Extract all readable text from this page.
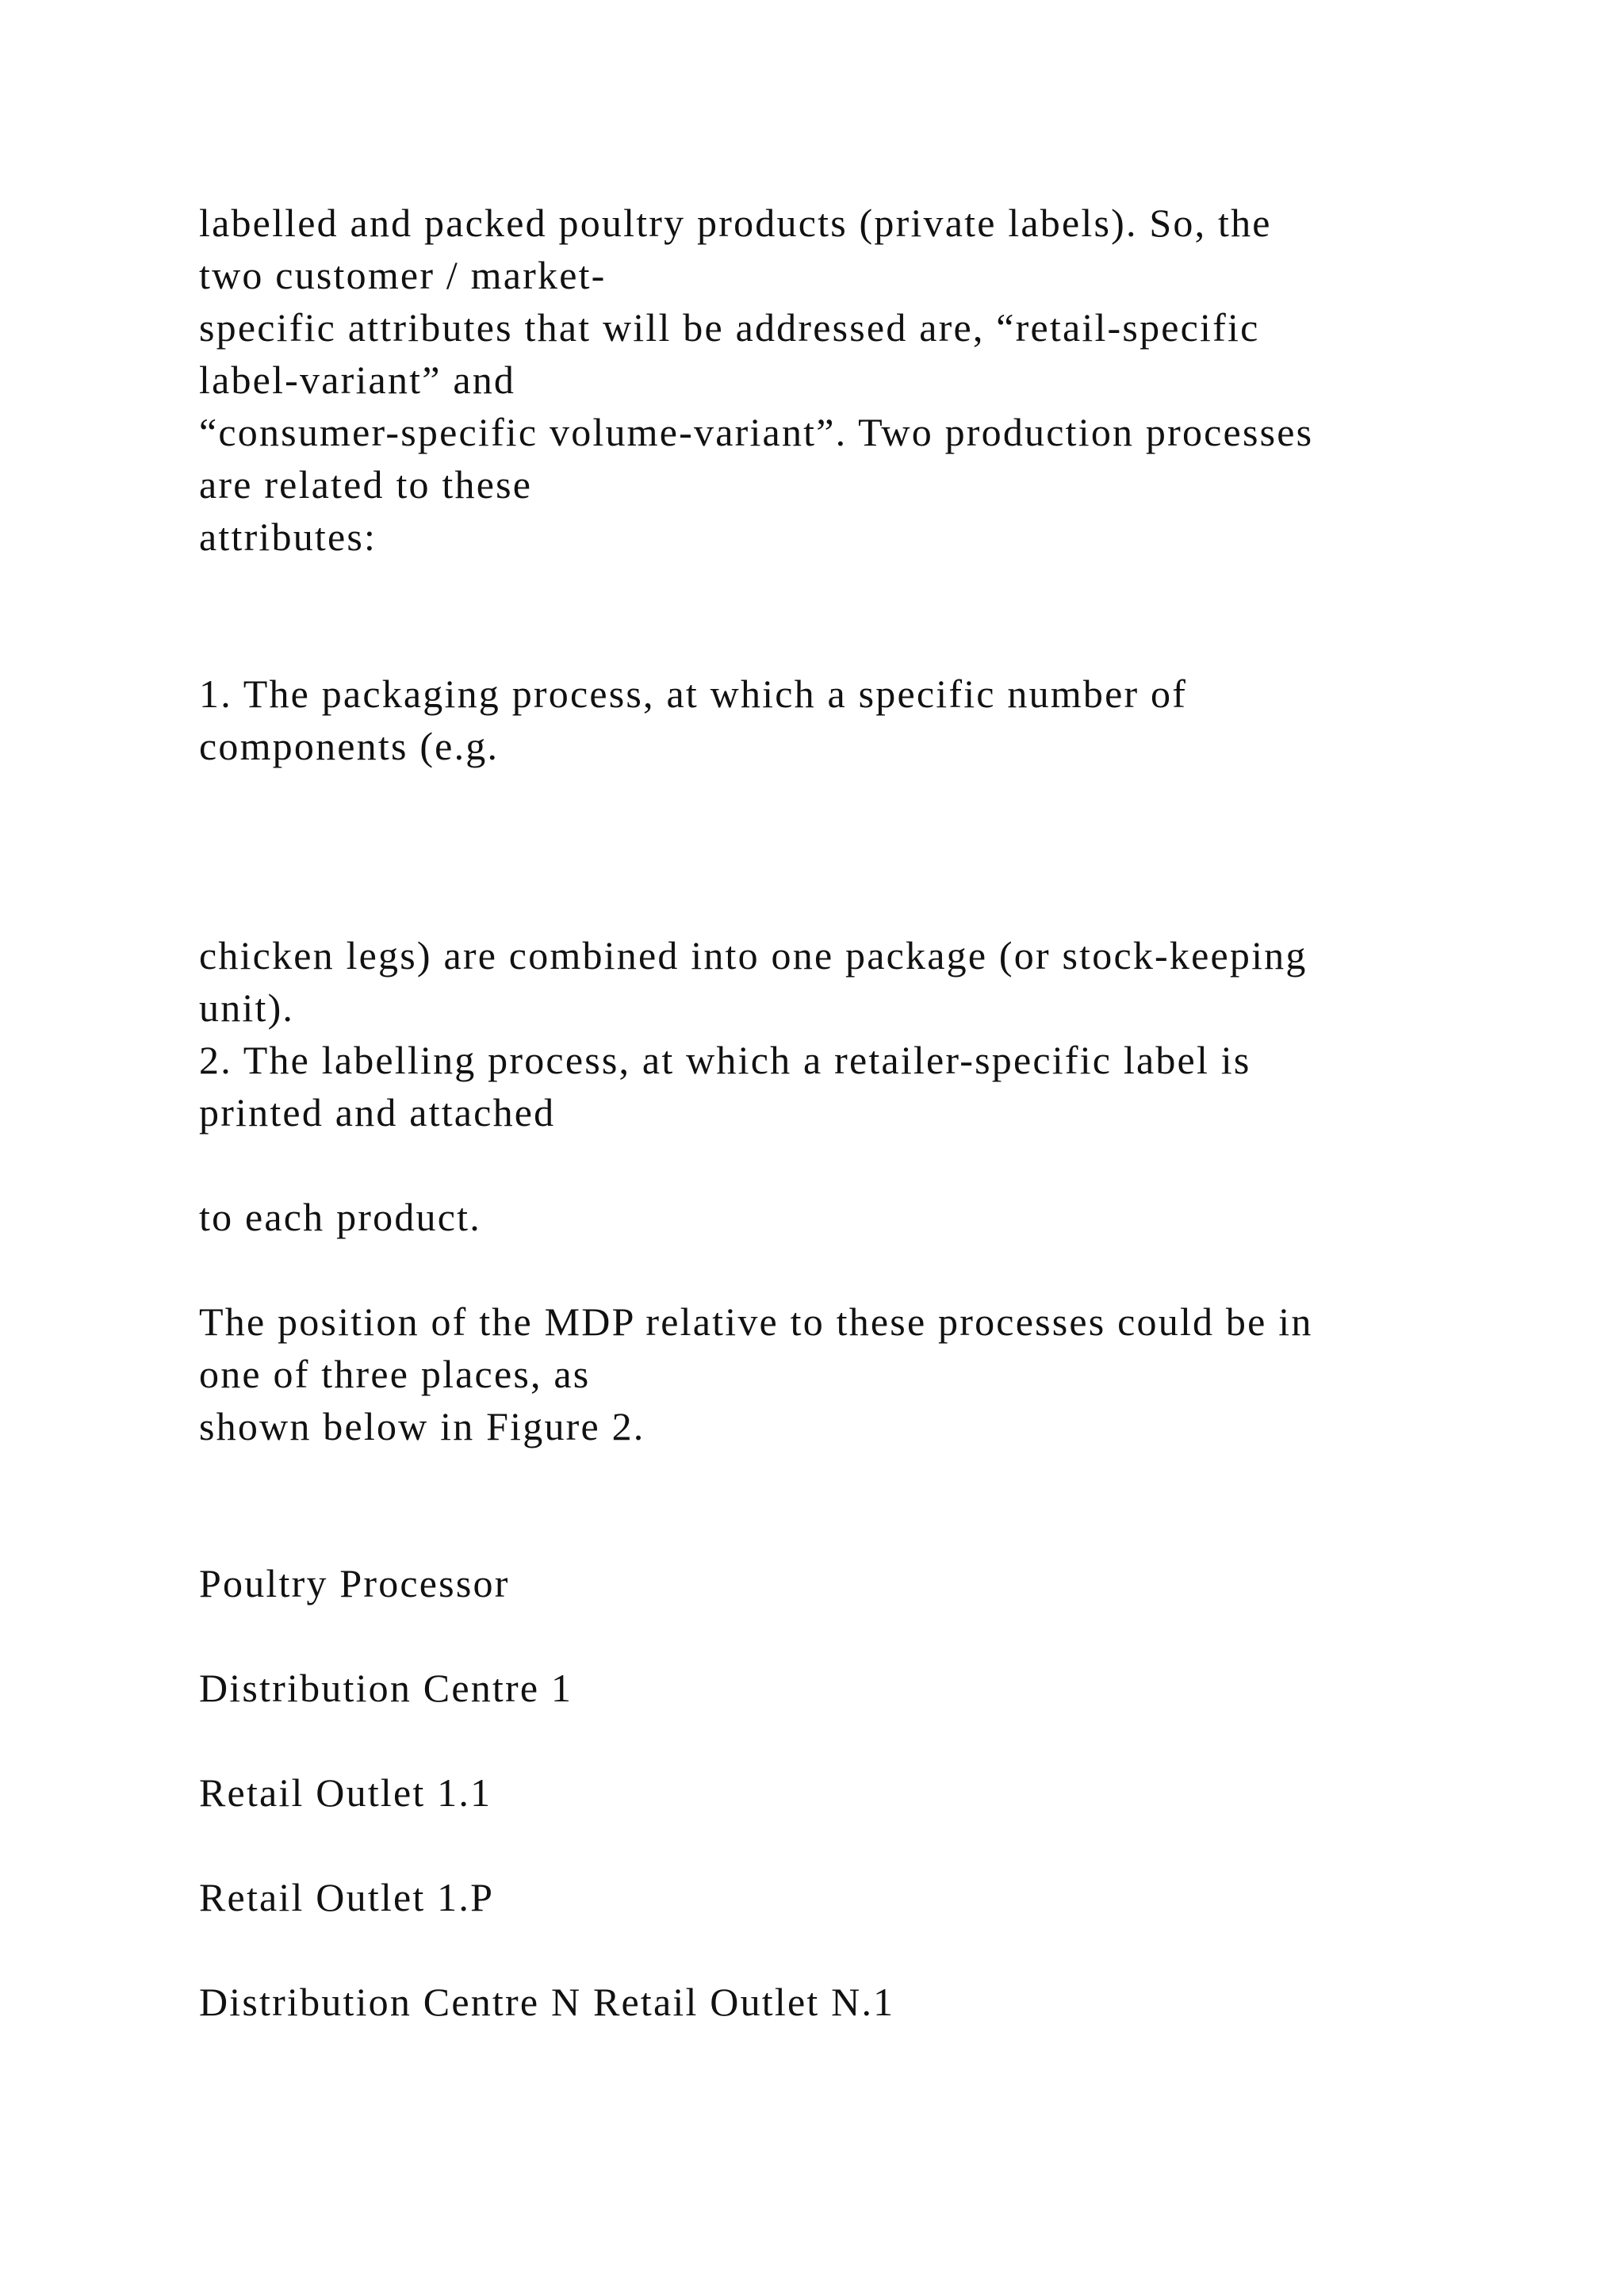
labelled and packed poultry products (private labels). So, the

two customer / market-

specific attributes that will be addressed are, “retail-specific

label-variant” and

“consumer-specific volume-variant”. Two production processes

are related to these

attributes:

1. The packaging process, at which a specific number of

components (e.g.

chicken legs) are combined into one package (or stock-keeping

unit).

2. The labelling process, at which a retailer-specific label is

printed and attached

to each product.

The position of the MDP relative to these processes could be in

one of three places, as

shown below in Figure 2.

Poultry Processor

Distribution Centre 1

Retail Outlet 1.1

Retail Outlet 1.P

Distribution Centre N Retail Outlet N.1
